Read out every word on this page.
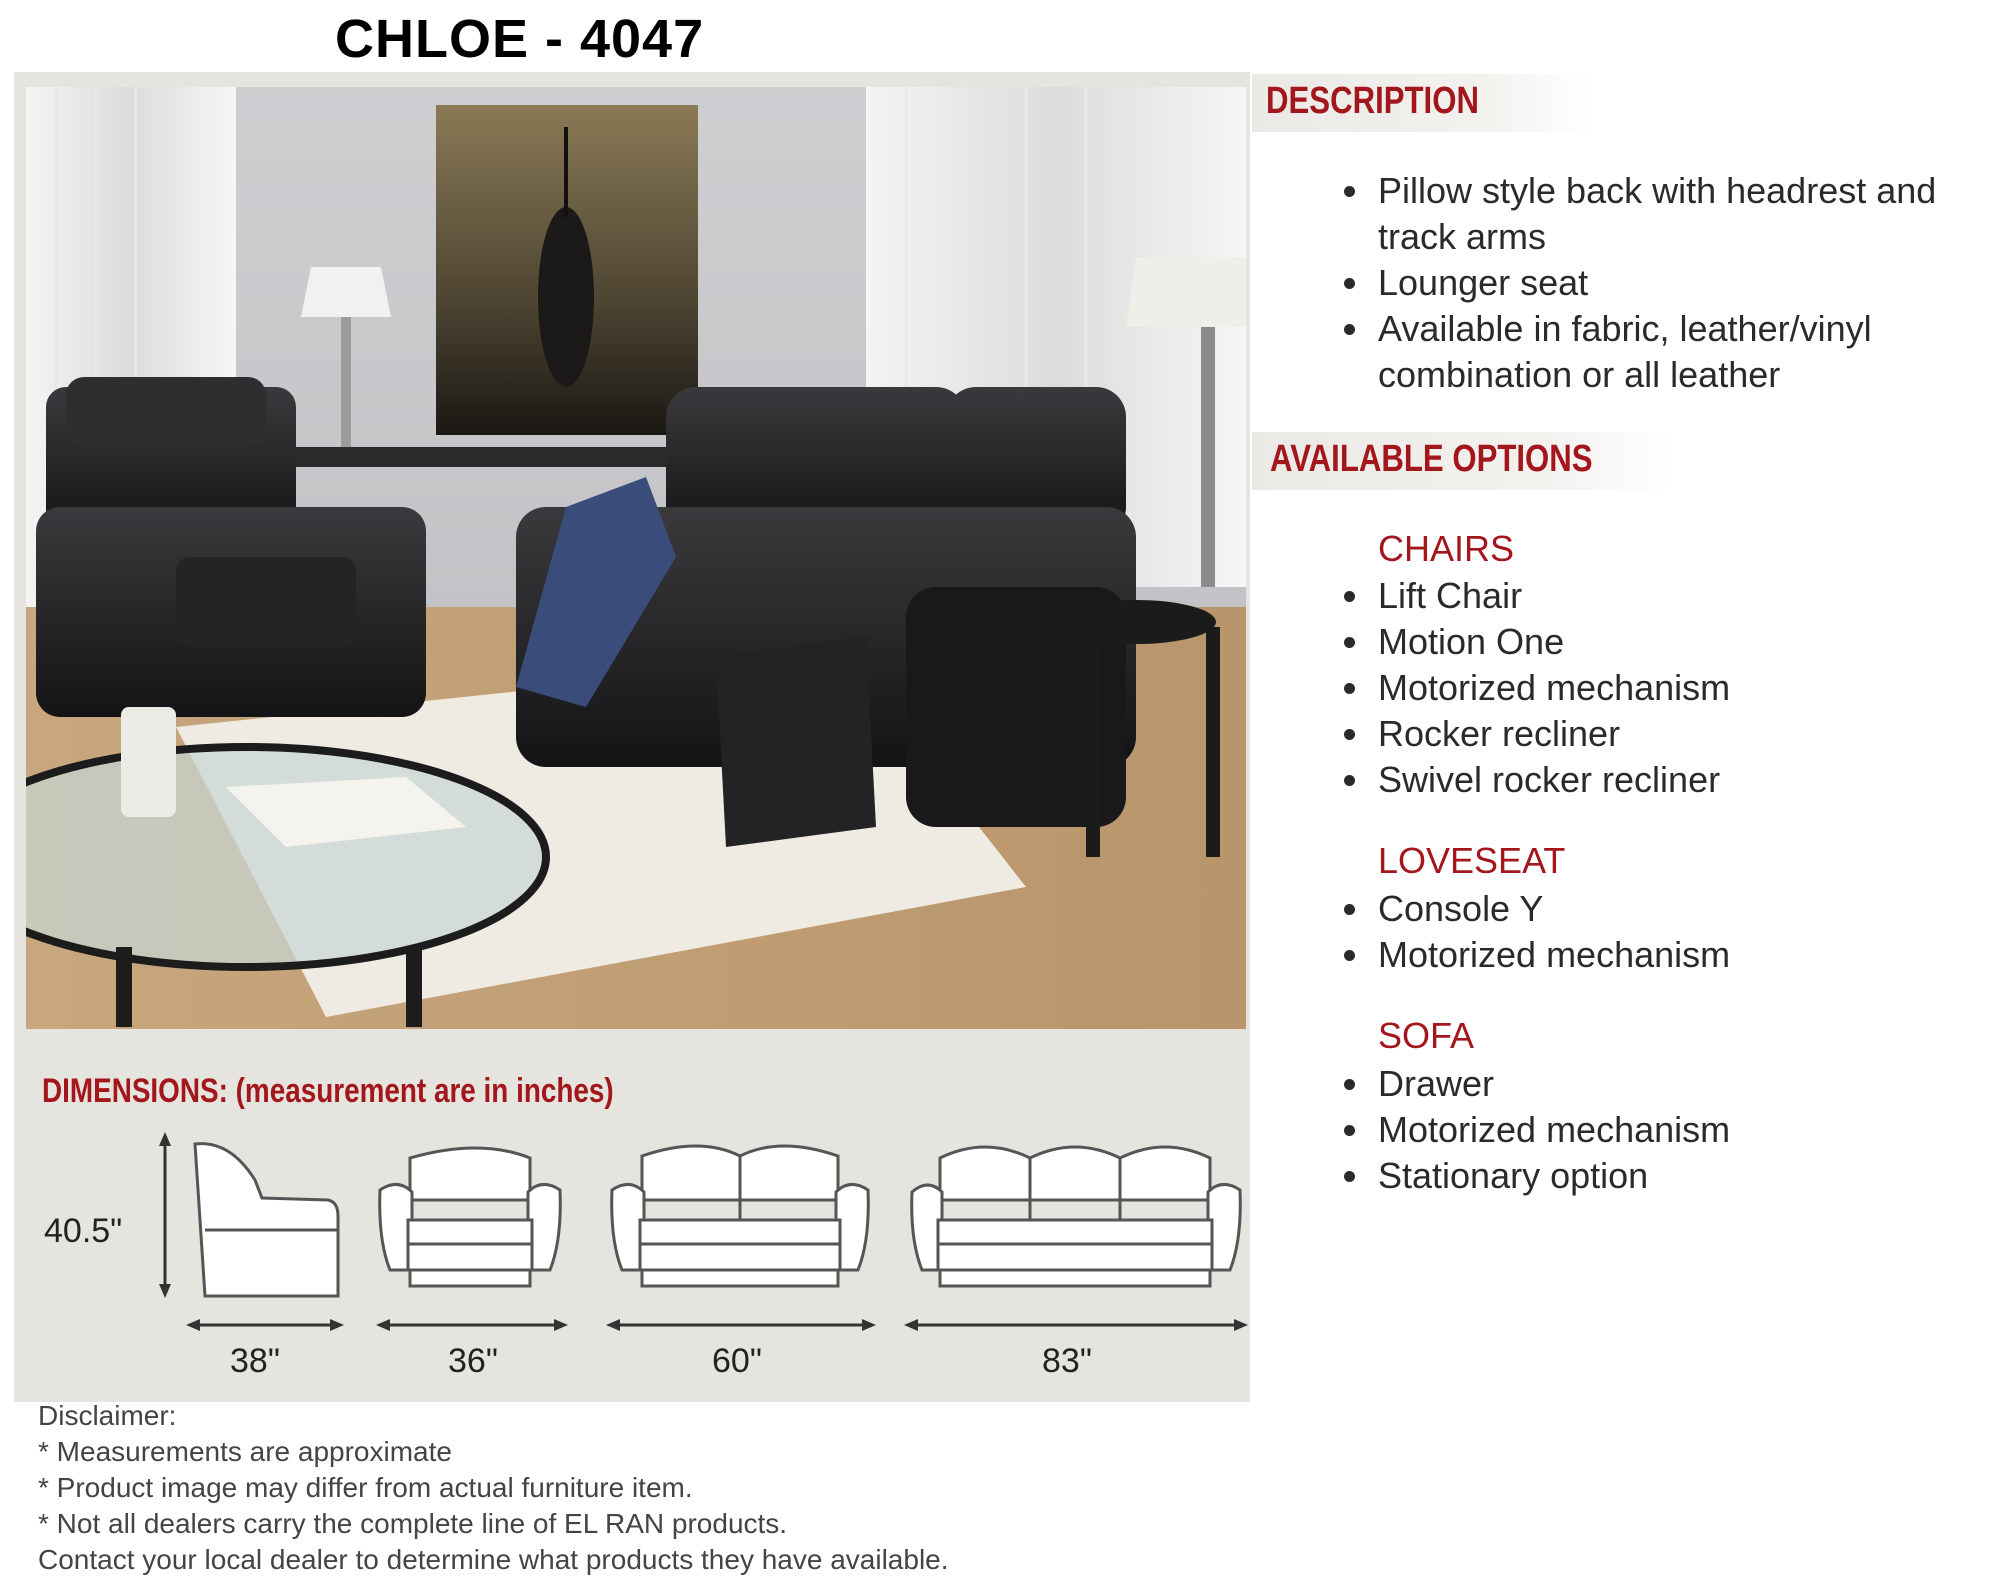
CHLOE - 4047
DESCRIPTION
Pillow style back with headrest and track arms
Lounger seat
Available in fabric, leather/vinyl combination or all leather
AVAILABLE OPTIONS
CHAIRS
Lift Chair
Motion One
Motorized mechanism
Rocker recliner
Swivel rocker recliner
LOVESEAT
Console Y
Motorized mechanism
SOFA
Drawer
Motorized mechanism
Stationary option
DIMENSIONS: (measurement are in inches)
40.5"
38"	36"	60"	83"
Disclaimer:
* Measurements are approximate
* Product image may differ from actual furniture item.
* Not all dealers carry the complete line of EL RAN products.
Contact your local dealer to determine what products they have available.
